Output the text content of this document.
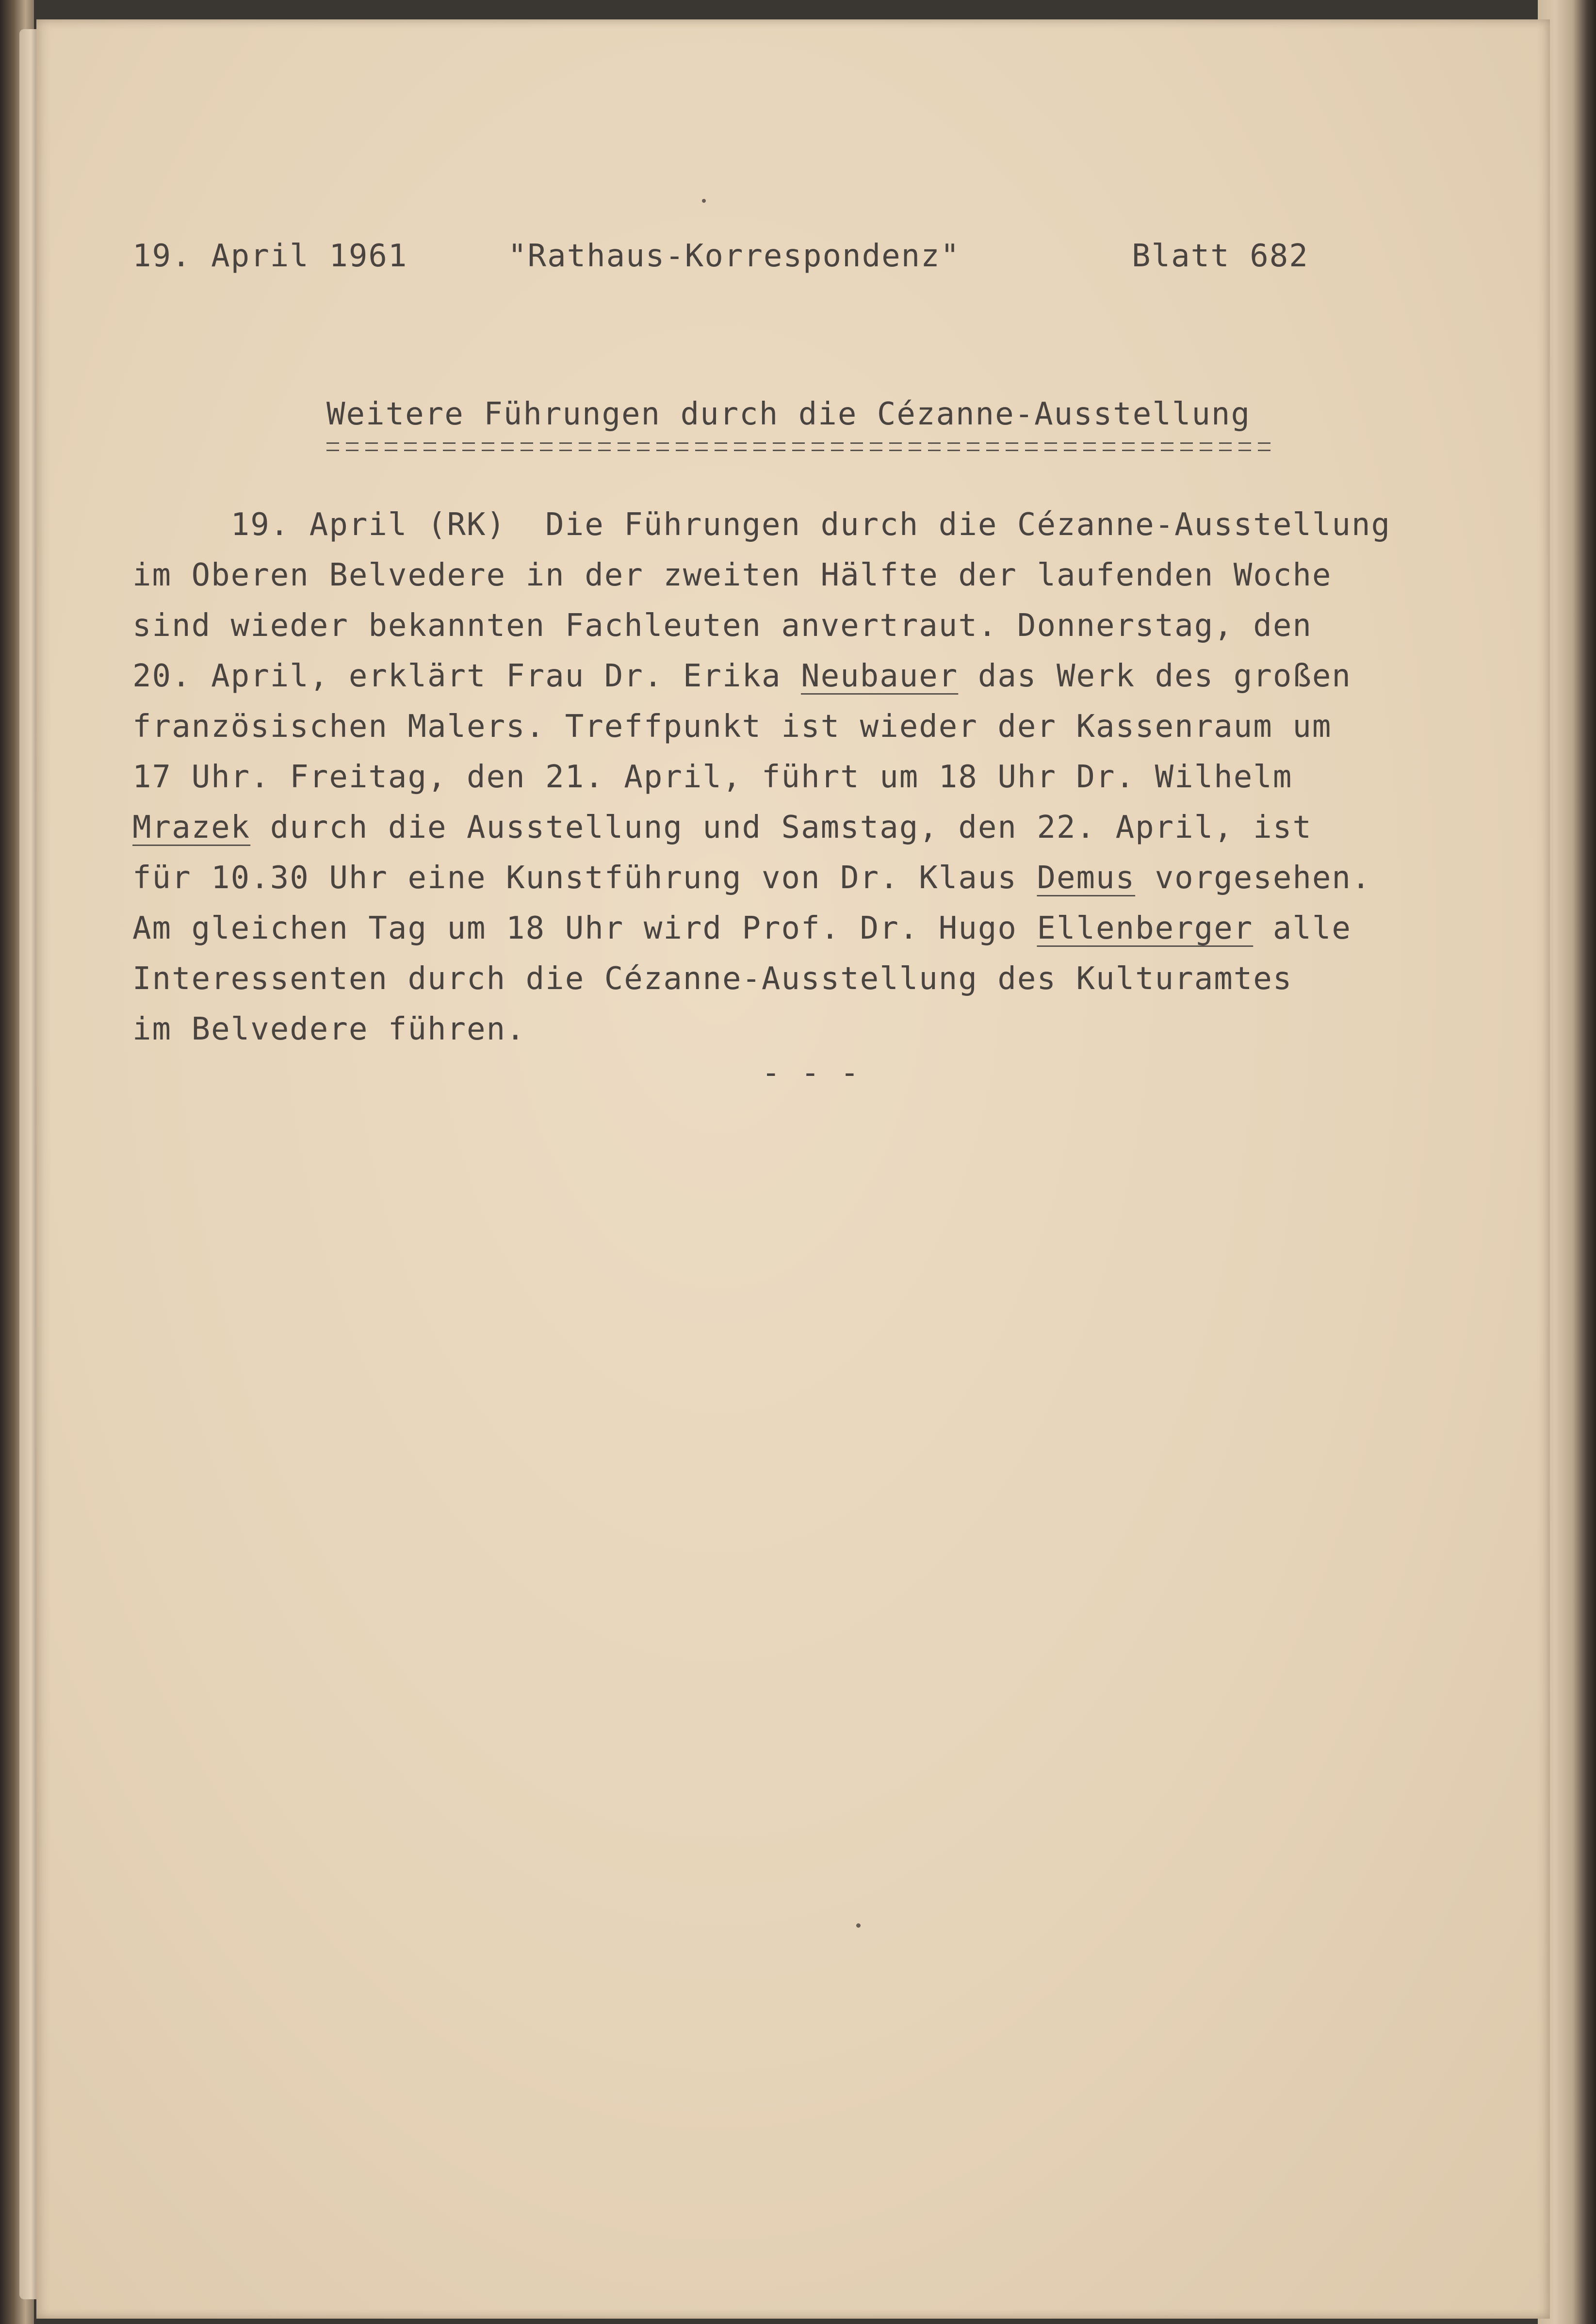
19. April 1961	"Rathaus-Korrespondenz"	Blatt 682
Weitere Führungen durch die Cézanne-Ausstellung
19. April (RK)  Die Führungen durch die Cézanne-Ausstellung
im Oberen Belvedere in der zweiten Hälfte der laufenden Woche
sind wieder bekannten Fachleuten anvertraut. Donnerstag, den
20. April, erklärt Frau Dr. Erika Neubauer das Werk des großen
französischen Malers. Treffpunkt ist wieder der Kassenraum um
17 Uhr. Freitag, den 21. April, führt um 18 Uhr Dr. Wilhelm
Mrazek durch die Ausstellung und Samstag, den 22. April, ist
für 10.30 Uhr eine Kunstführung von Dr. Klaus Demus vorgesehen.
Am gleichen Tag um 18 Uhr wird Prof. Dr. Hugo Ellenberger alle
Interessenten durch die Cézanne-Ausstellung des Kulturamtes
im Belvedere führen.
- - -
